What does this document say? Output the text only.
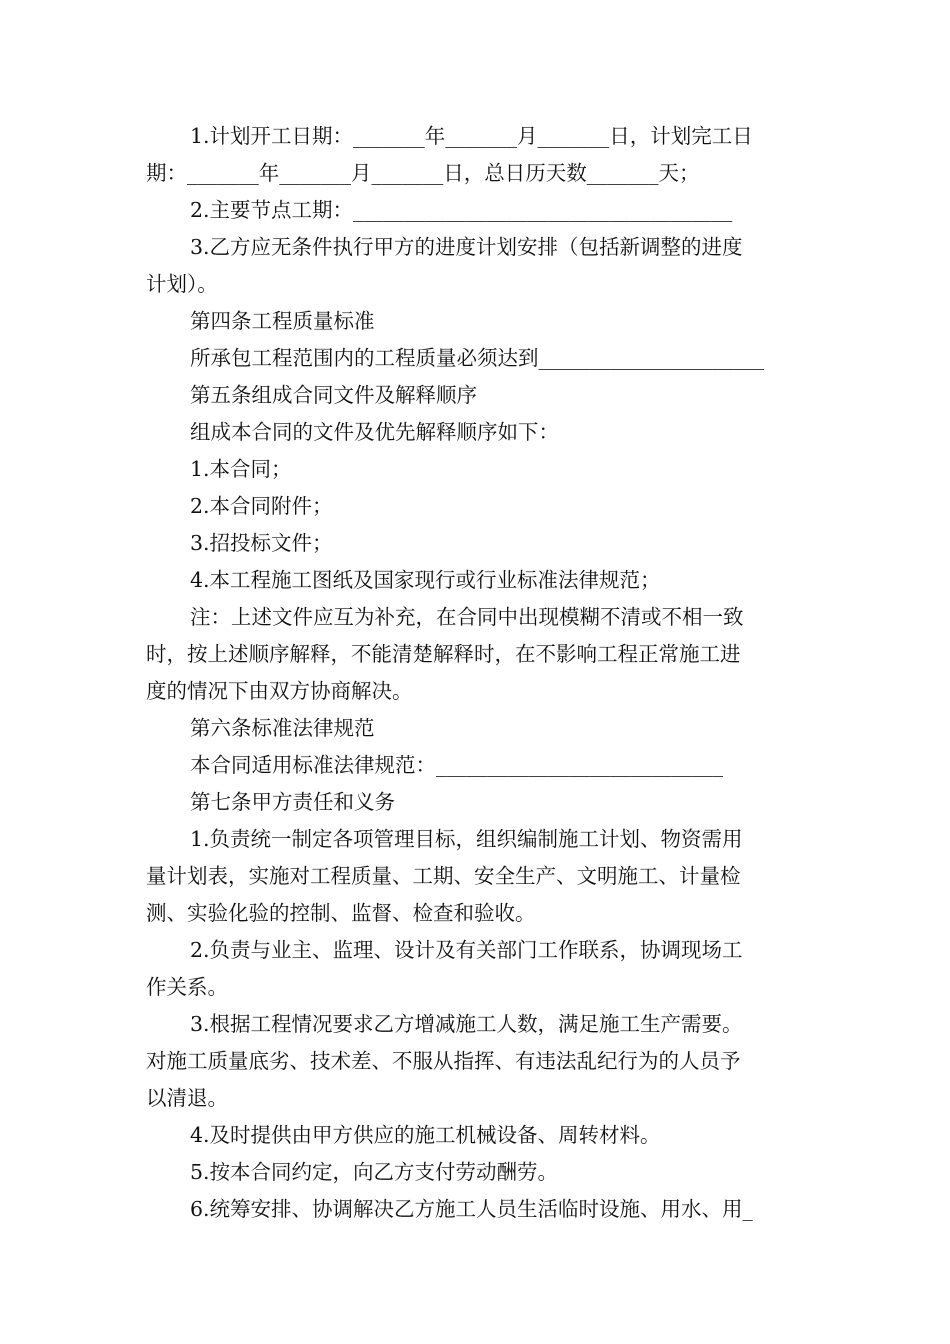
1.计划开工日期：_______年_______月_______日，计划完工日

期：_______年_______月_______日，总日历天数_______天；

2.主要节点工期：_____________________________________

3.乙方应无条件执行甲方的进度计划安排（包括新调整的进度

计划）。

第四条工程质量标准

所承包工程范围内的工程质量必须达到______________________

第五条组成合同文件及解释顺序

组成本合同的文件及优先解释顺序如下：

1.本合同；

2.本合同附件；

3.招投标文件；

4.本工程施工图纸及国家现行或行业标准法律规范；

注：上述文件应互为补充，在合同中出现模糊不清或不相一致

时，按上述顺序解释，不能清楚解释时，在不影响工程正常施工进

度的情况下由双方协商解决。

第六条标准法律规范

本合同适用标准法律规范：____________________________

第七条甲方责任和义务

1.负责统一制定各项管理目标，组织编制施工计划、物资需用

量计划表，实施对工程质量、工期、安全生产、文明施工、计量检

测、实验化验的控制、监督、检查和验收。

2.负责与业主、监理、设计及有关部门工作联系，协调现场工

作关系。

3.根据工程情况要求乙方增减施工人数，满足施工生产需要。

对施工质量底劣、技术差、不服从指挥、有违法乱纪行为的人员予

以清退。

4.及时提供由甲方供应的施工机械设备、周转材料。

5.按本合同约定，向乙方支付劳动酬劳。

6.统筹安排、协调解决乙方施工人员生活临时设施、用水、用_
